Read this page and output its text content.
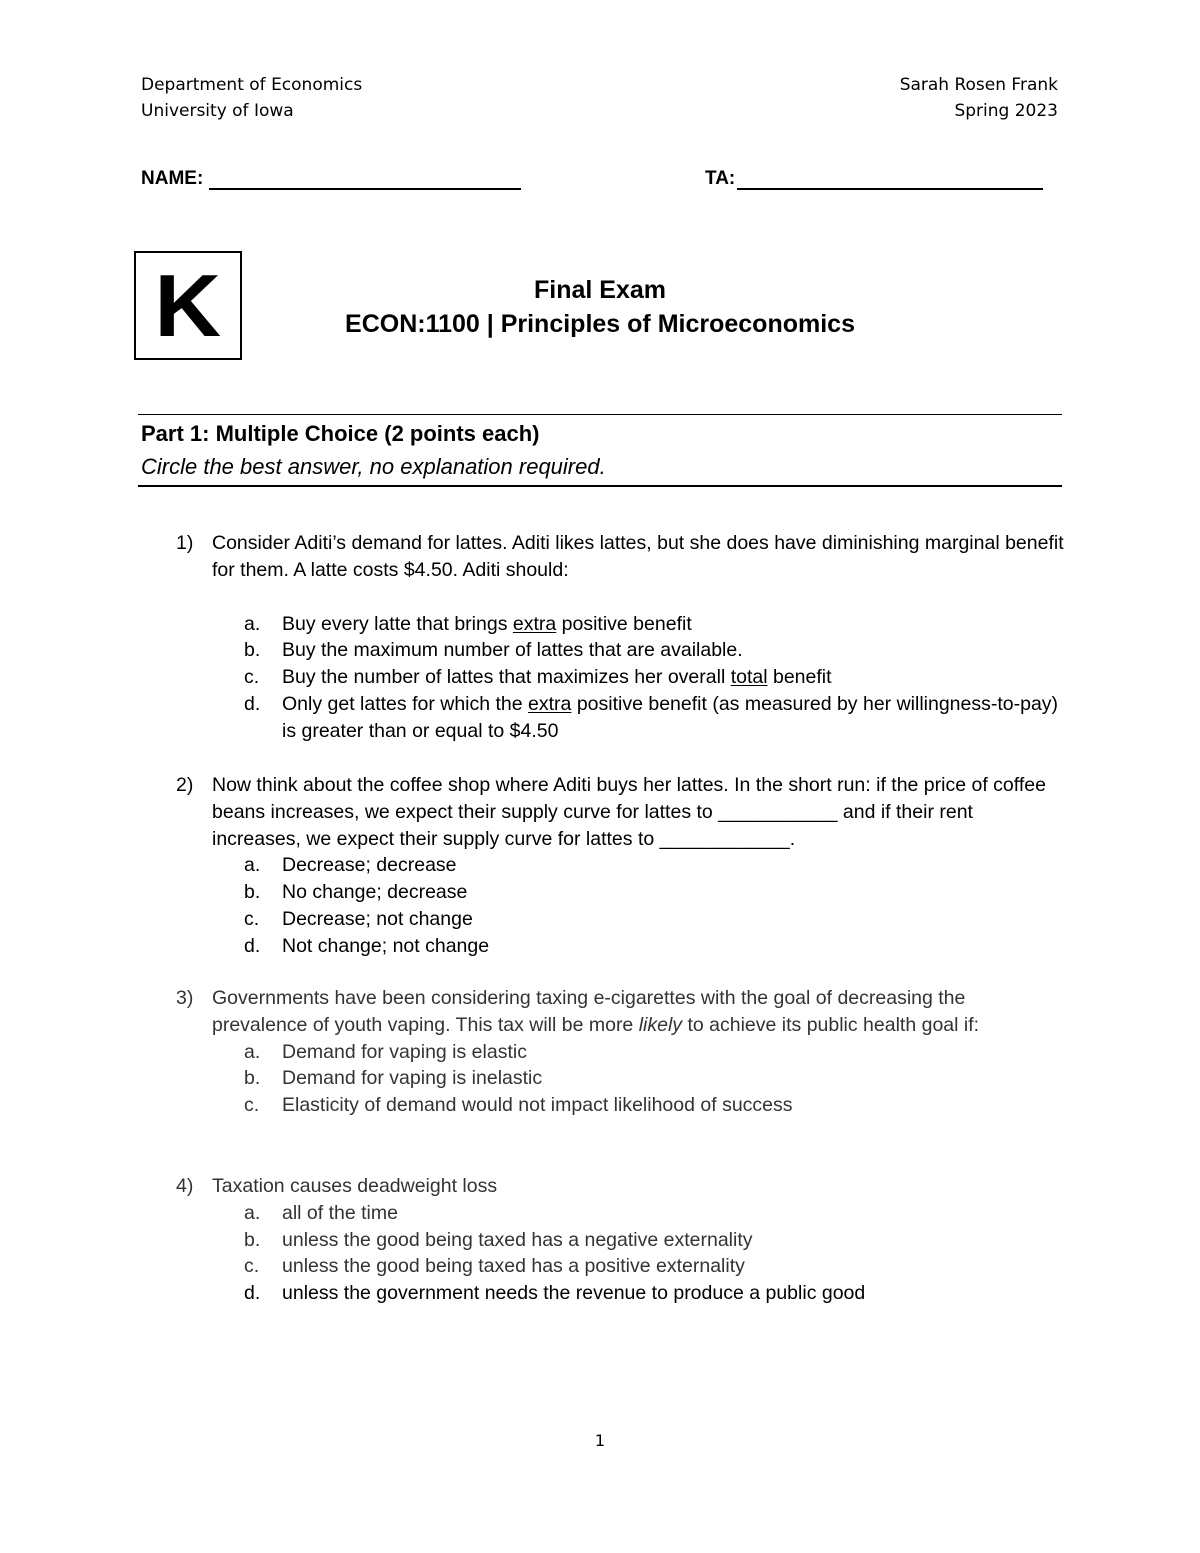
Department of Economics
University of Iowa
Sarah Rosen Frank
Spring 2023
NAME:	TA:
K	Final Exam
ECON:1100 | Principles of Microeconomics
Part 1: Multiple Choice (2 points each)
Circle the best answer, no explanation required.
1) Consider Aditi’s demand for lattes. Aditi likes lattes, but she does have diminishing marginal benefit for them. A latte costs $4.50. Aditi should:
a.	Buy every latte that brings extra positive benefit
b.	Buy the maximum number of lattes that are available.
c.	Buy the number of lattes that maximizes her overall total benefit
d.	Only get lattes for which the extra positive benefit (as measured by her willingness-to-pay) is greater than or equal to $4.50
2) Now think about the coffee shop where Aditi buys her lattes. In the short run: if the price of coffee beans increases, we expect their supply curve for lattes to ___________ and if their rent increases, we expect their supply curve for lattes to ____________.
a.	Decrease; decrease
b.	No change; decrease
c.	Decrease; not change
d.	Not change; not change
3) Governments have been considering taxing e-cigarettes with the goal of decreasing the prevalence of youth vaping. This tax will be more likely to achieve its public health goal if:
a.	Demand for vaping is elastic
b.	Demand for vaping is inelastic
c.	Elasticity of demand would not impact likelihood of success
4) Taxation causes deadweight loss
a.	all of the time
b.	unless the good being taxed has a negative externality
c.	unless the good being taxed has a positive externality
d.	unless the government needs the revenue to produce a public good
1
